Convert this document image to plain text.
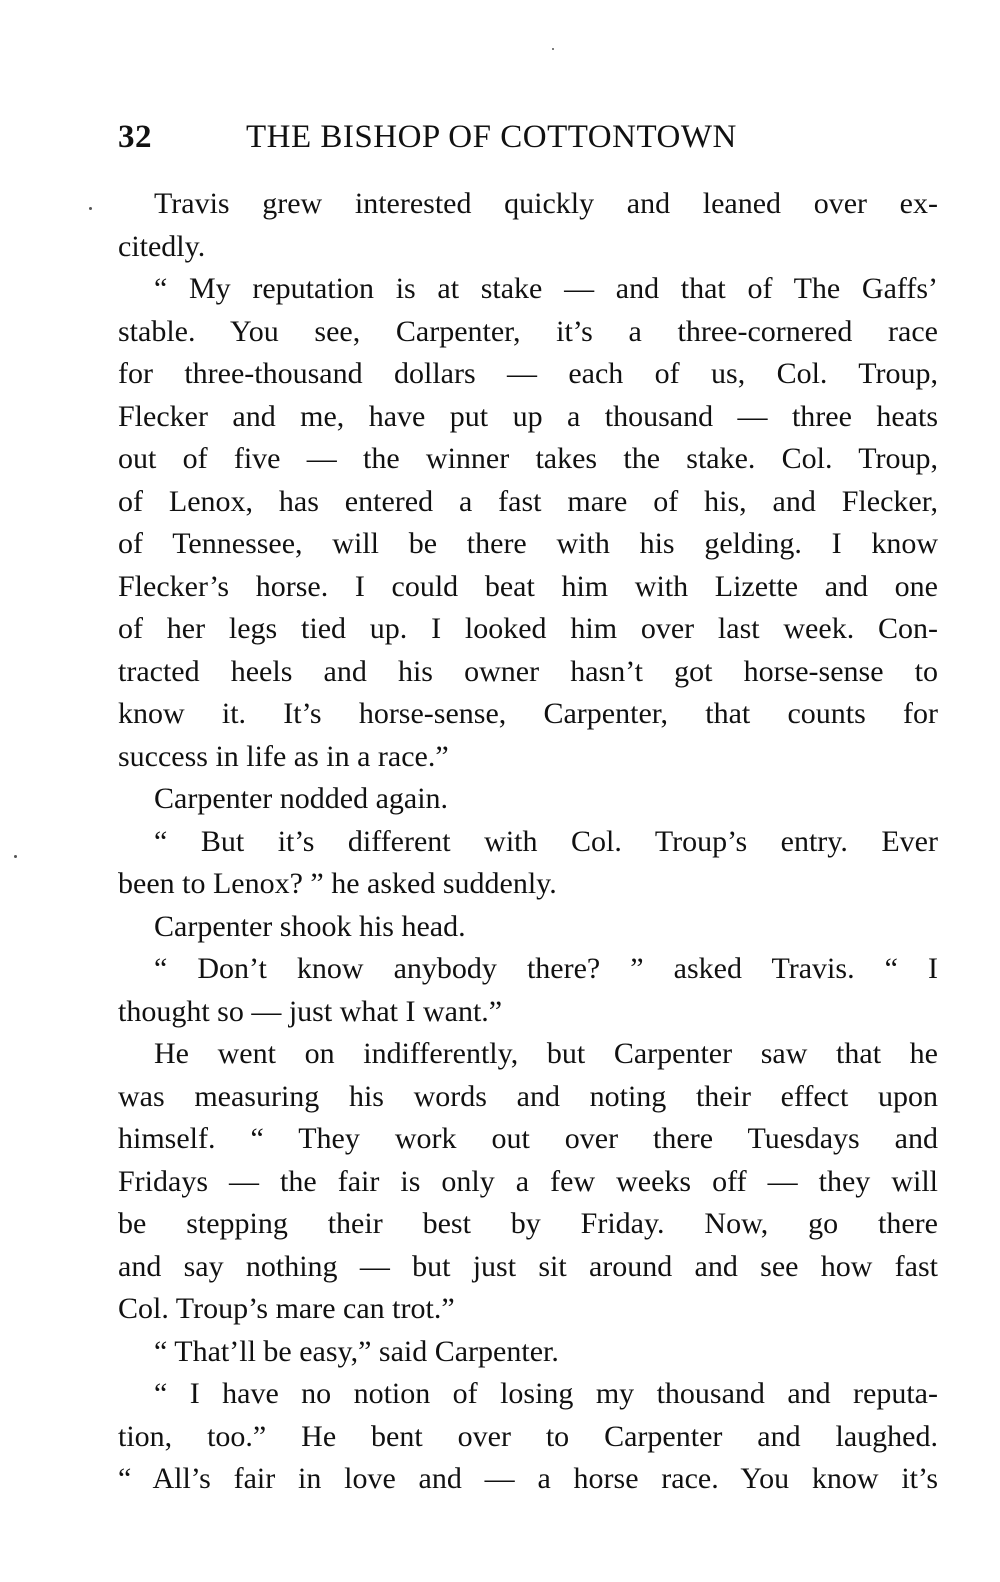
32	THE BISHOP OF COTTONTOWN
Travis grew interested quickly and leaned over ex-
citedly.
“ My reputation is at stake — and that of The Gaffs’
stable. You see, Carpenter, it’s a three-cornered race
for three-thousand dollars — each of us, Col. Troup,
Flecker and me, have put up a thousand — three heats
out of five — the winner takes the stake. Col. Troup,
of Lenox, has entered a fast mare of his, and Flecker,
of Tennessee, will be there with his gelding. I know
Flecker’s horse. I could beat him with Lizette and one
of her legs tied up. I looked him over last week. Con-
tracted heels and his owner hasn’t got horse-sense to
know it. It’s horse-sense, Carpenter, that counts for
success in life as in a race.”
Carpenter nodded again.
“ But it’s different with Col. Troup’s entry. Ever
been to Lenox? ” he asked suddenly.
Carpenter shook his head.
“ Don’t know anybody there? ” asked Travis. “ I
thought so — just what I want.”
He went on indifferently, but Carpenter saw that he
was measuring his words and noting their effect upon
himself. “ They work out over there Tuesdays and
Fridays — the fair is only a few weeks off — they will
be stepping their best by Friday. Now, go there
and say nothing — but just sit around and see how fast
Col. Troup’s mare can trot.”
“ That’ll be easy,” said Carpenter.
“ I have no notion of losing my thousand and reputa-
tion, too.” He bent over to Carpenter and laughed.
“ All’s fair in love and — a horse race. You know it’s
